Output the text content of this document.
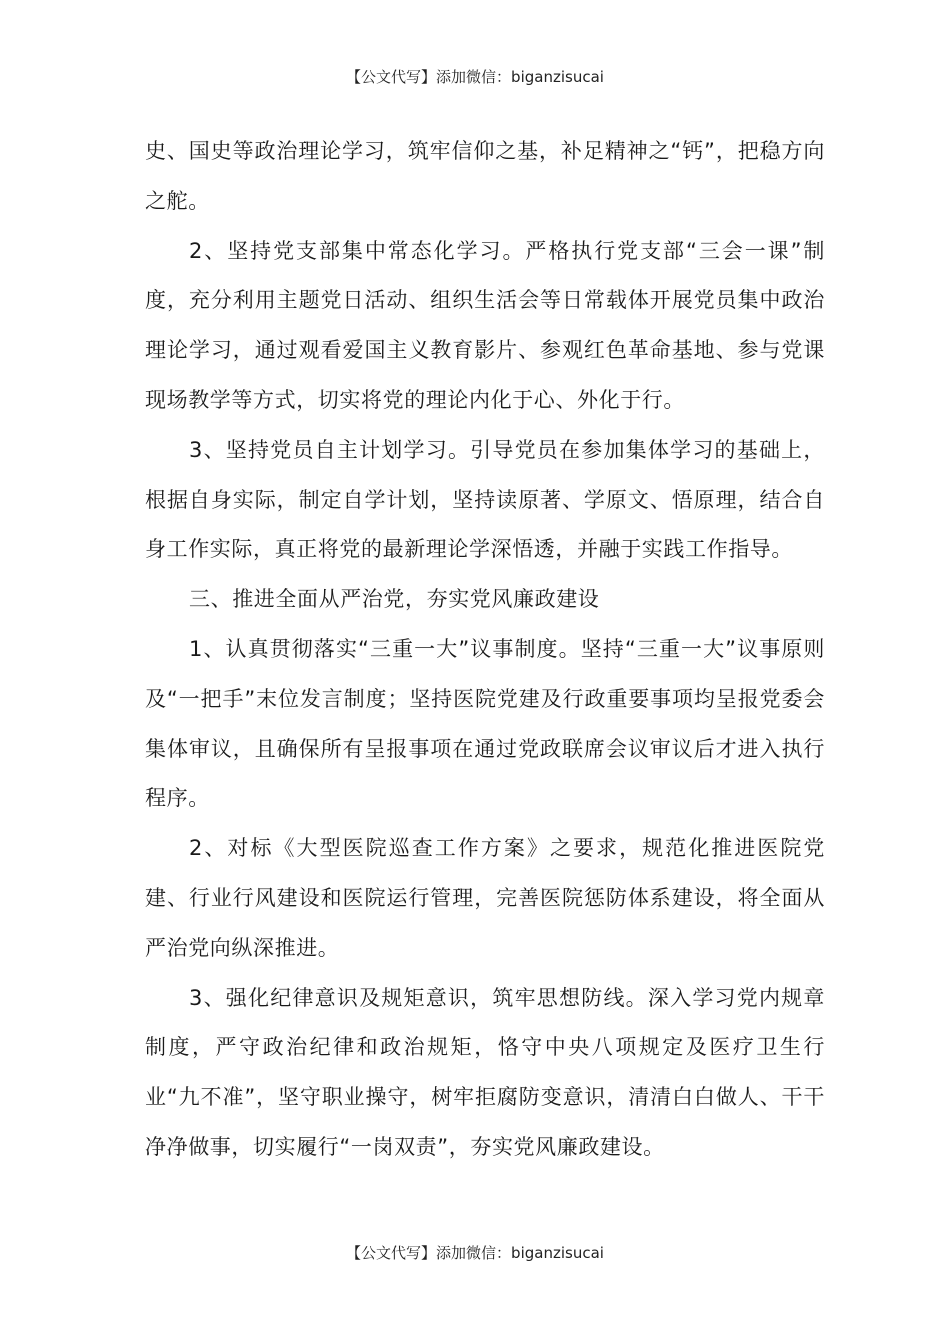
【公文代写】添加微信：biganzisucai

史、国史等政治理论学习，筑牢信仰之基，补足精神之“钙”，把稳方向之舵。

2、坚持党支部集中常态化学习。严格执行党支部“三会一课”制度，充分利用主题党日活动、组织生活会等日常载体开展党员集中政治理论学习，通过观看爱国主义教育影片、参观红色革命基地、参与党课现场教学等方式，切实将党的理论内化于心、外化于行。

3、坚持党员自主计划学习。引导党员在参加集体学习的基础上，根据自身实际，制定自学计划，坚持读原著、学原文、悟原理，结合自身工作实际，真正将党的最新理论学深悟透，并融于实践工作指导。

三、推进全面从严治党，夯实党风廉政建设

1、认真贯彻落实“三重一大”议事制度。坚持“三重一大”议事原则及“一把手”末位发言制度；坚持医院党建及行政重要事项均呈报党委会集体审议，且确保所有呈报事项在通过党政联席会议审议后才进入执行程序。

2、对标《大型医院巡查工作方案》之要求，规范化推进医院党建、行业行风建设和医院运行管理，完善医院惩防体系建设，将全面从严治党向纵深推进。

3、强化纪律意识及规矩意识，筑牢思想防线。深入学习党内规章制度，严守政治纪律和政治规矩，恪守中央八项规定及医疗卫生行业“九不准”，坚守职业操守，树牢拒腐防变意识，清清白白做人、干干净净做事，切实履行“一岗双责”，夯实党风廉政建设。

【公文代写】添加微信：biganzisucai
